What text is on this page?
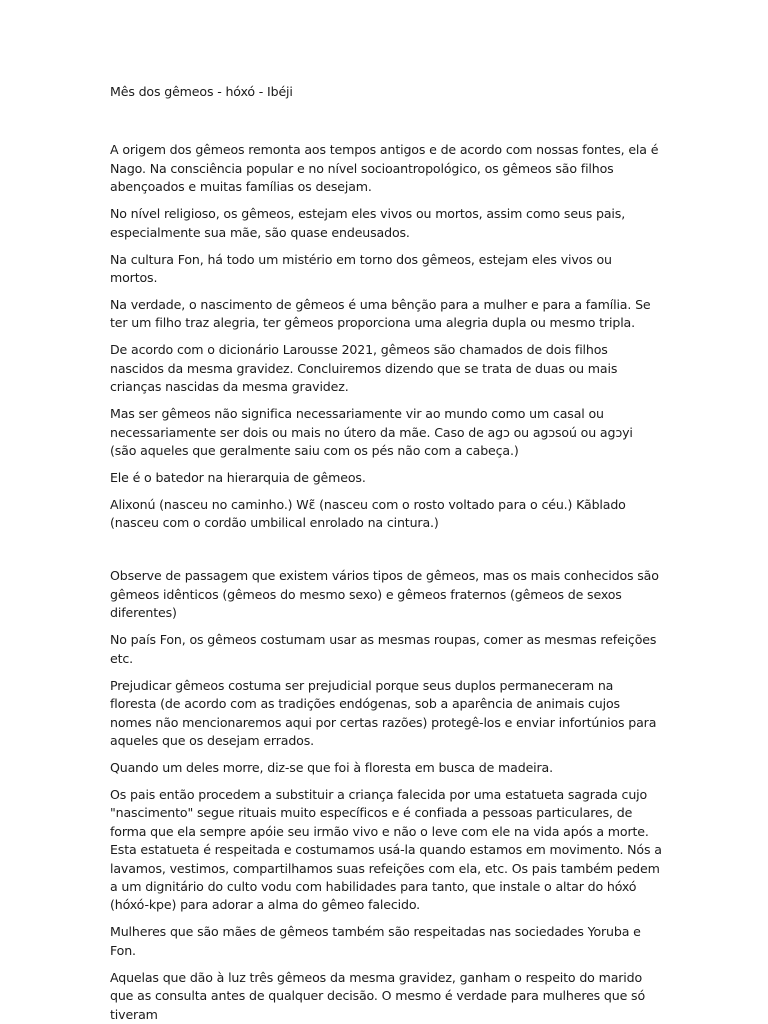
Mês dos gêmeos - hóxó - Ibéji

A origem dos gêmeos remonta aos tempos antigos e de acordo com nossas fontes, ela é Nago. Na consciência popular e no nível socioantropológico, os gêmeos são filhos abençoados e muitas famílias os desejam.

No nível religioso, os gêmeos, estejam eles vivos ou mortos, assim como seus pais, especialmente sua mãe, são quase endeusados.

Na cultura Fon, há todo um mistério em torno dos gêmeos, estejam eles vivos ou mortos.

Na verdade, o nascimento de gêmeos é uma bênção para a mulher e para a família. Se ter um filho traz alegria, ter gêmeos proporciona uma alegria dupla ou mesmo tripla.

De acordo com o dicionário Larousse 2021, gêmeos são chamados de dois filhos nascidos da mesma gravidez. Concluiremos dizendo que se trata de duas ou mais crianças nascidas da mesma gravidez.

Mas ser gêmeos não significa necessariamente vir ao mundo como um casal ou necessariamente ser dois ou mais no útero da mãe. Caso de agɔ ou agɔsoú ou agɔyi (são aqueles que geralmente saiu com os pés não com a cabeça.)

Ele é o batedor na hierarquia de gêmeos.

Alixonú (nasceu no caminho.) Wɛ̃ (nasceu com o rosto voltado para o céu.) Kãblado (nasceu com o cordão umbilical enrolado na cintura.)

Observe de passagem que existem vários tipos de gêmeos, mas os mais conhecidos são gêmeos idênticos (gêmeos do mesmo sexo) e gêmeos fraternos (gêmeos de sexos diferentes)

No país Fon, os gêmeos costumam usar as mesmas roupas, comer as mesmas refeições etc.

Prejudicar gêmeos costuma ser prejudicial porque seus duplos permaneceram na floresta (de acordo com as tradições endógenas, sob a aparência de animais cujos nomes não mencionaremos aqui por certas razões) protegê-los e enviar infortúnios para aqueles que os desejam errados.

Quando um deles morre, diz-se que foi à floresta em busca de madeira.

Os pais então procedem a substituir a criança falecida por uma estatueta sagrada cujo "nascimento" segue rituais muito específicos e é confiada a pessoas particulares, de forma que ela sempre apóie seu irmão vivo e não o leve com ele na vida após a morte. Esta estatueta é respeitada e costumamos usá-la quando estamos em movimento. Nós a lavamos, vestimos, compartilhamos suas refeições com ela, etc. Os pais também pedem a um dignitário do culto vodu com habilidades para tanto, que instale o altar do hóxó (hóxó-kpe) para adorar a alma do gêmeo falecido.

Mulheres que são mães de gêmeos também são respeitadas nas sociedades Yoruba e Fon.

Aquelas que dão à luz três gêmeos da mesma gravidez, ganham o respeito do marido que as consulta antes de qualquer decisão. O mesmo é verdade para mulheres que só tiveram
